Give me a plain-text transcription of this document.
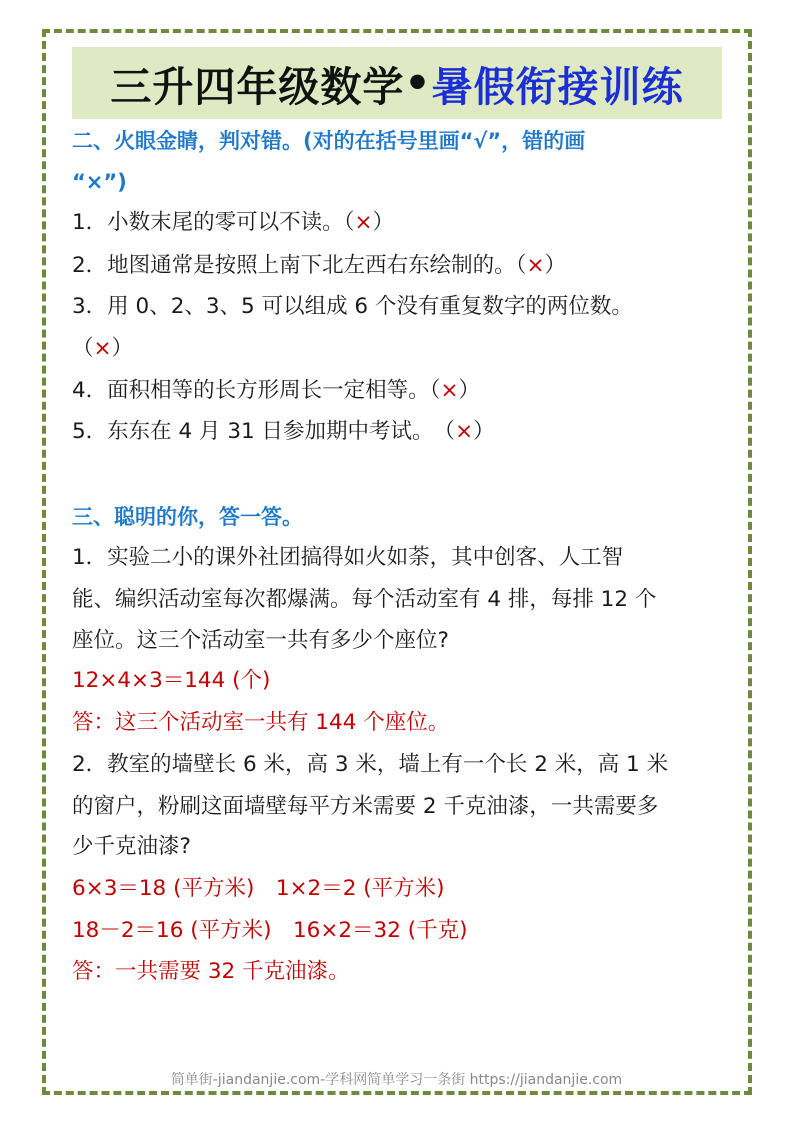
三升四年级数学 • 暑假衔接训练
二、火眼金睛，判对错。(对的在括号里画“√”，错的画
“×”)
1．小数末尾的零可以不读。（×）
2．地图通常是按照上南下北左西右东绘制的。（×）
3．用 0、2、3、5 可以组成 6 个没有重复数字的两位数。
（×）
4．面积相等的长方形周长一定相等。（×）
5．东东在 4 月 31 日参加期中考试。　（×）
三、聪明的你，答一答。
1．实验二小的课外社团搞得如火如荼，其中创客、人工智
能、编织活动室每次都爆满。每个活动室有 4 排，每排 12 个
座位。这三个活动室一共有多少个座位?
12×4×3＝144 (个)
答：这三个活动室一共有 144 个座位。
2．教室的墙壁长 6 米，高 3 米，墙上有一个长 2 米，高 1 米
的窗户，粉刷这面墙壁每平方米需要 2 千克油漆，一共需要多
少千克油漆?
6×3＝18 (平方米)　1×2＝2 (平方米)
18－2＝16 (平方米)　16×2＝32 (千克)
答：一共需要 32 千克油漆。
简单街-jiandanjie.com-学科网简单学习一条街 https://jiandanjie.com
